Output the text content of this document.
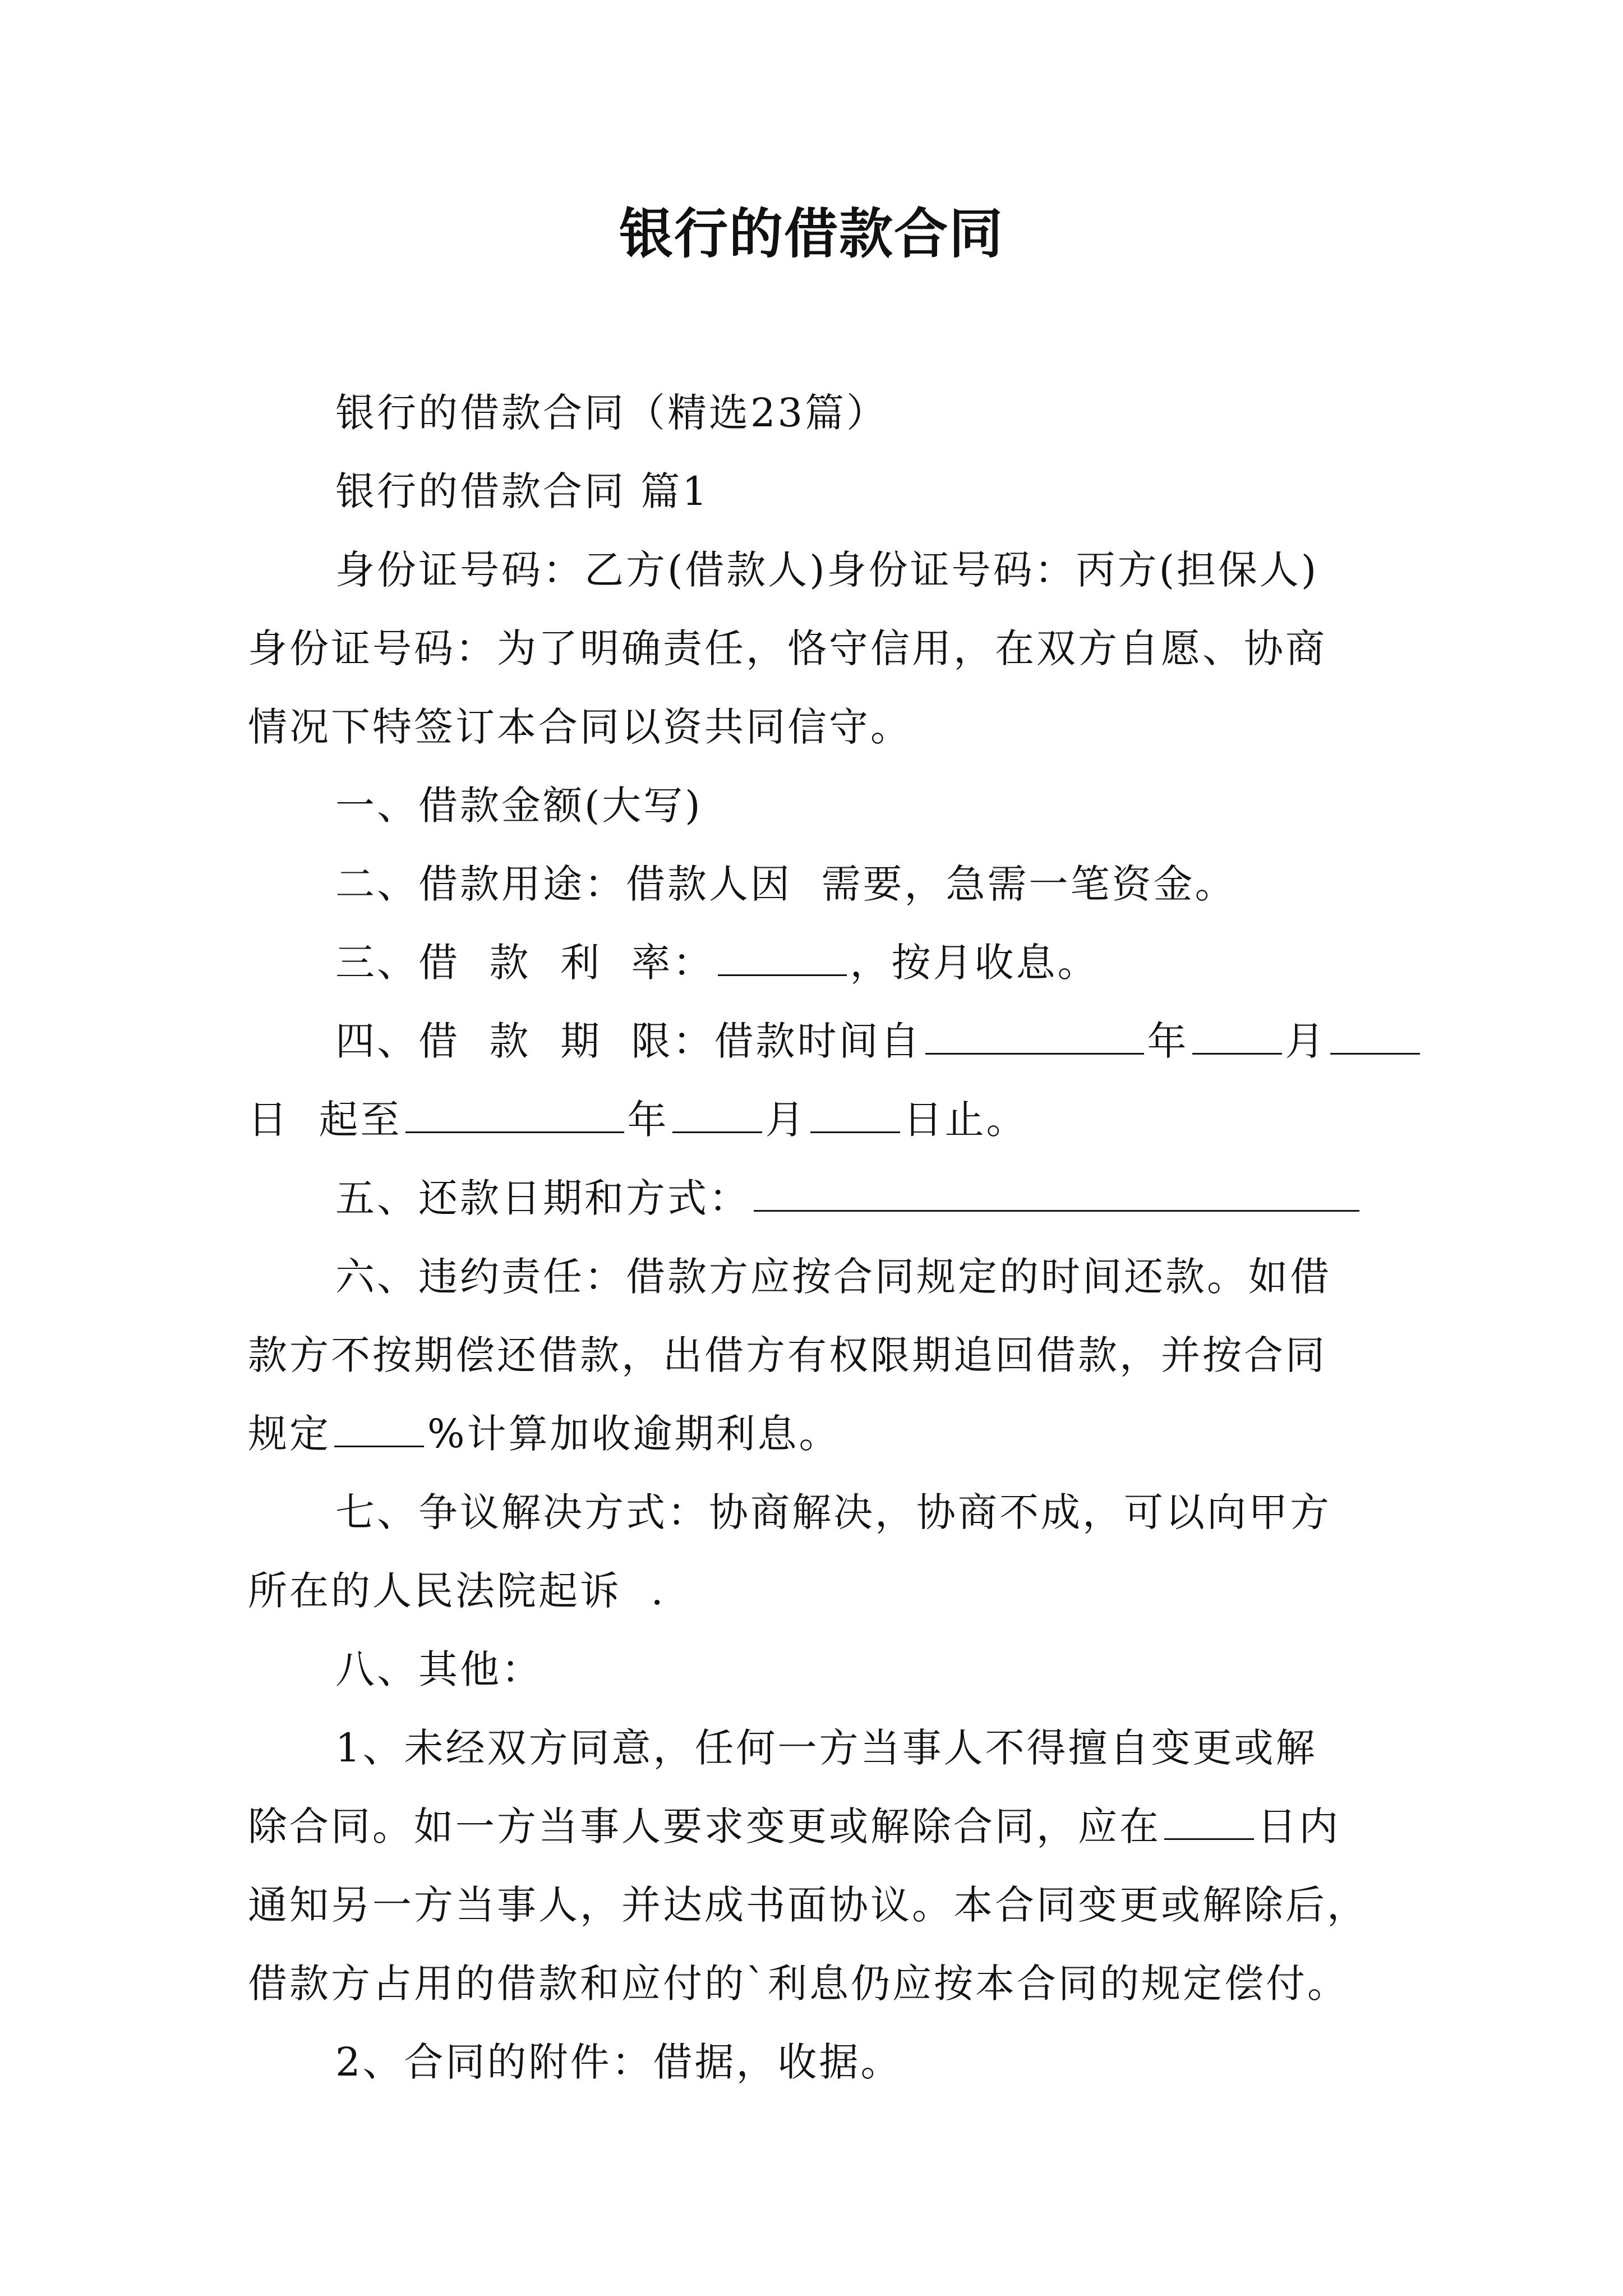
银行的借款合同
银行的借款合同（精选23篇）
银行的借款合同 篇1
身份证号码：乙方(借款人)身份证号码：丙方(担保人)
身份证号码：为了明确责任，恪守信用，在双方自愿、协商
情况下特签订本合同以资共同信守。
一、借款金额(大写)
二、借款用途：借款人因  需要，急需一笔资金。
三、借  款  利  率：	，按月收息。
四、借  款  期  限：借款时间自	年 月
日  起至	年 月 日止。
五、还款日期和方式：
六、违约责任：借款方应按合同规定的时间还款。如借
款方不按期偿还借款，出借方有权限期追回借款，并按合同
规定 %计算加收逾期利息。
七、争议解决方式：协商解决，协商不成，可以向甲方
所在的人民法院起诉  .
八、其他：
1、未经双方同意，任何一方当事人不得擅自变更或解
除合同。如一方当事人要求变更或解除合同，应在 日内
通知另一方当事人，并达成书面协议。本合同变更或解除后，
借款方占用的借款和应付的`利息仍应按本合同的规定偿付。
2、合同的附件：借据，收据。
